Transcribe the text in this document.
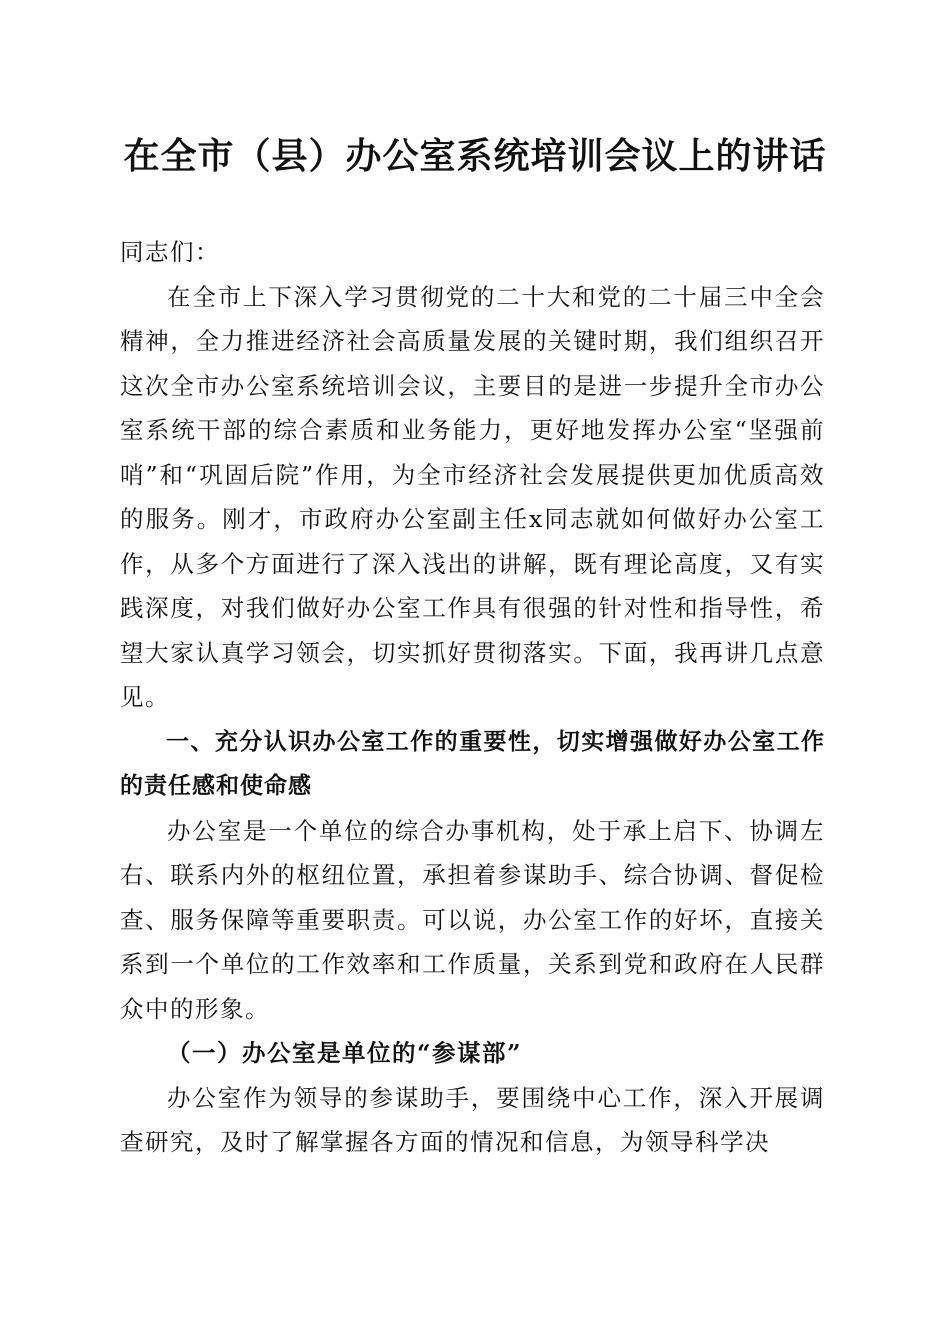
在全市（县）办公室系统培训会议上的讲话

同志们：

在全市上下深入学习贯彻党的二十大和党的二十届三中全会精神，全力推进经济社会高质量发展的关键时期，我们组织召开这次全市办公室系统培训会议，主要目的是进一步提升全市办公室系统干部的综合素质和业务能力，更好地发挥办公室“坚强前哨”和“巩固后院”作用，为全市经济社会发展提供更加优质高效的服务。刚才，市政府办公室副主任x同志就如何做好办公室工作，从多个方面进行了深入浅出的讲解，既有理论高度，又有实践深度，对我们做好办公室工作具有很强的针对性和指导性，希望大家认真学习领会，切实抓好贯彻落实。下面，我再讲几点意见。

一、充分认识办公室工作的重要性，切实增强做好办公室工作的责任感和使命感

办公室是一个单位的综合办事机构，处于承上启下、协调左右、联系内外的枢纽位置，承担着参谋助手、综合协调、督促检查、服务保障等重要职责。可以说，办公室工作的好坏，直接关系到一个单位的工作效率和工作质量，关系到党和政府在人民群众中的形象。

（一）办公室是单位的“参谋部”

办公室作为领导的参谋助手，要围绕中心工作，深入开展调查研究，及时了解掌握各方面的情况和信息，为领导科学决
